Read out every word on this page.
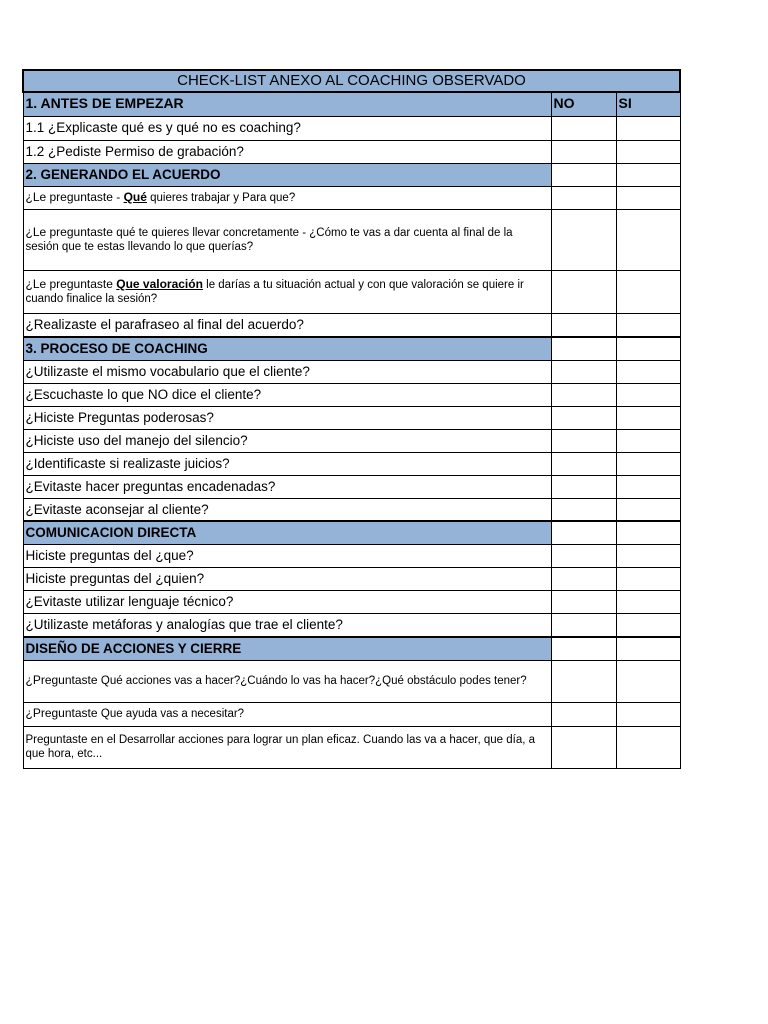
CHECK-LIST ANEXO AL COACHING OBSERVADO		
1. ANTES DE EMPEZAR	NO	SI
1.1 ¿Explicaste qué es y qué no es coaching?		
1.2 ¿Pediste Permiso de grabación?		
2. GENERANDO EL ACUERDO		
¿Le preguntaste - Qué quieres trabajar y Para que?		
¿Le preguntaste qué te quieres llevar concretamente - ¿Cómo te vas a dar cuenta al final de la sesión que te estas llevando lo que querías?		
¿Le preguntaste Que valoración le darías a tu situación actual y con que valoración se quiere ir cuando finalice la sesión?		
¿Realizaste el parafraseo al final del acuerdo?		
3. PROCESO DE COACHING		
¿Utilizaste el mismo vocabulario que el cliente?		
¿Escuchaste lo que NO dice el cliente?		
¿Hiciste Preguntas poderosas?		
¿Hiciste uso del manejo del silencio?		
¿Identificaste si realizaste juicios?		
¿Evitaste hacer preguntas encadenadas?		
¿Evitaste aconsejar al cliente?		
COMUNICACION DIRECTA		
Hiciste preguntas del ¿que?		
Hiciste preguntas del ¿quien?		
¿Evitaste utilizar lenguaje técnico?		
¿Utilizaste metáforas y analogías que trae el cliente?		
DISEÑO DE ACCIONES Y CIERRE		
¿Preguntaste Qué acciones vas a hacer?¿Cuándo lo vas ha hacer?¿Qué obstáculo podes tener?		
¿Preguntaste Que ayuda vas a necesitar?		
Preguntaste en el Desarrollar acciones para lograr un plan eficaz. Cuando las va a hacer, que día, a que hora, etc...		
